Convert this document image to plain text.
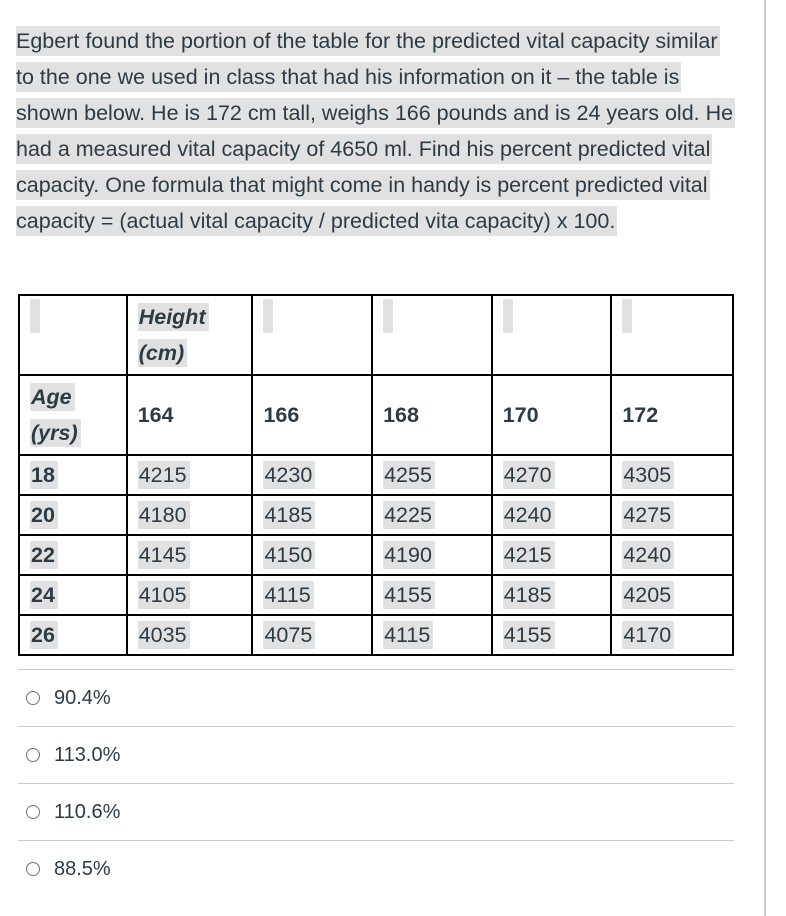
Egbert found the portion of the table for the predicted vital capacity similar to the one we used in class that had his information on it – the table is shown below. He is 172 cm tall, weighs 166 pounds and is 24 years old. He had a measured vital capacity of 4650 ml. Find his percent predicted vital capacity. One formula that might come in handy is percent predicted vital capacity = (actual vital capacity / predicted vita capacity) x 100.

	Height
(cm)				

Age
(yrs)	164	166	168	170	172
18	4215	4230	4255	4270	4305
20	4180	4185	4225	4240	4275
22	4145	4150	4190	4215	4240
24	4105	4115	4155	4185	4205
26	4035	4075	4115	4155	4170
90.4%
113.0%
110.6%
88.5%
